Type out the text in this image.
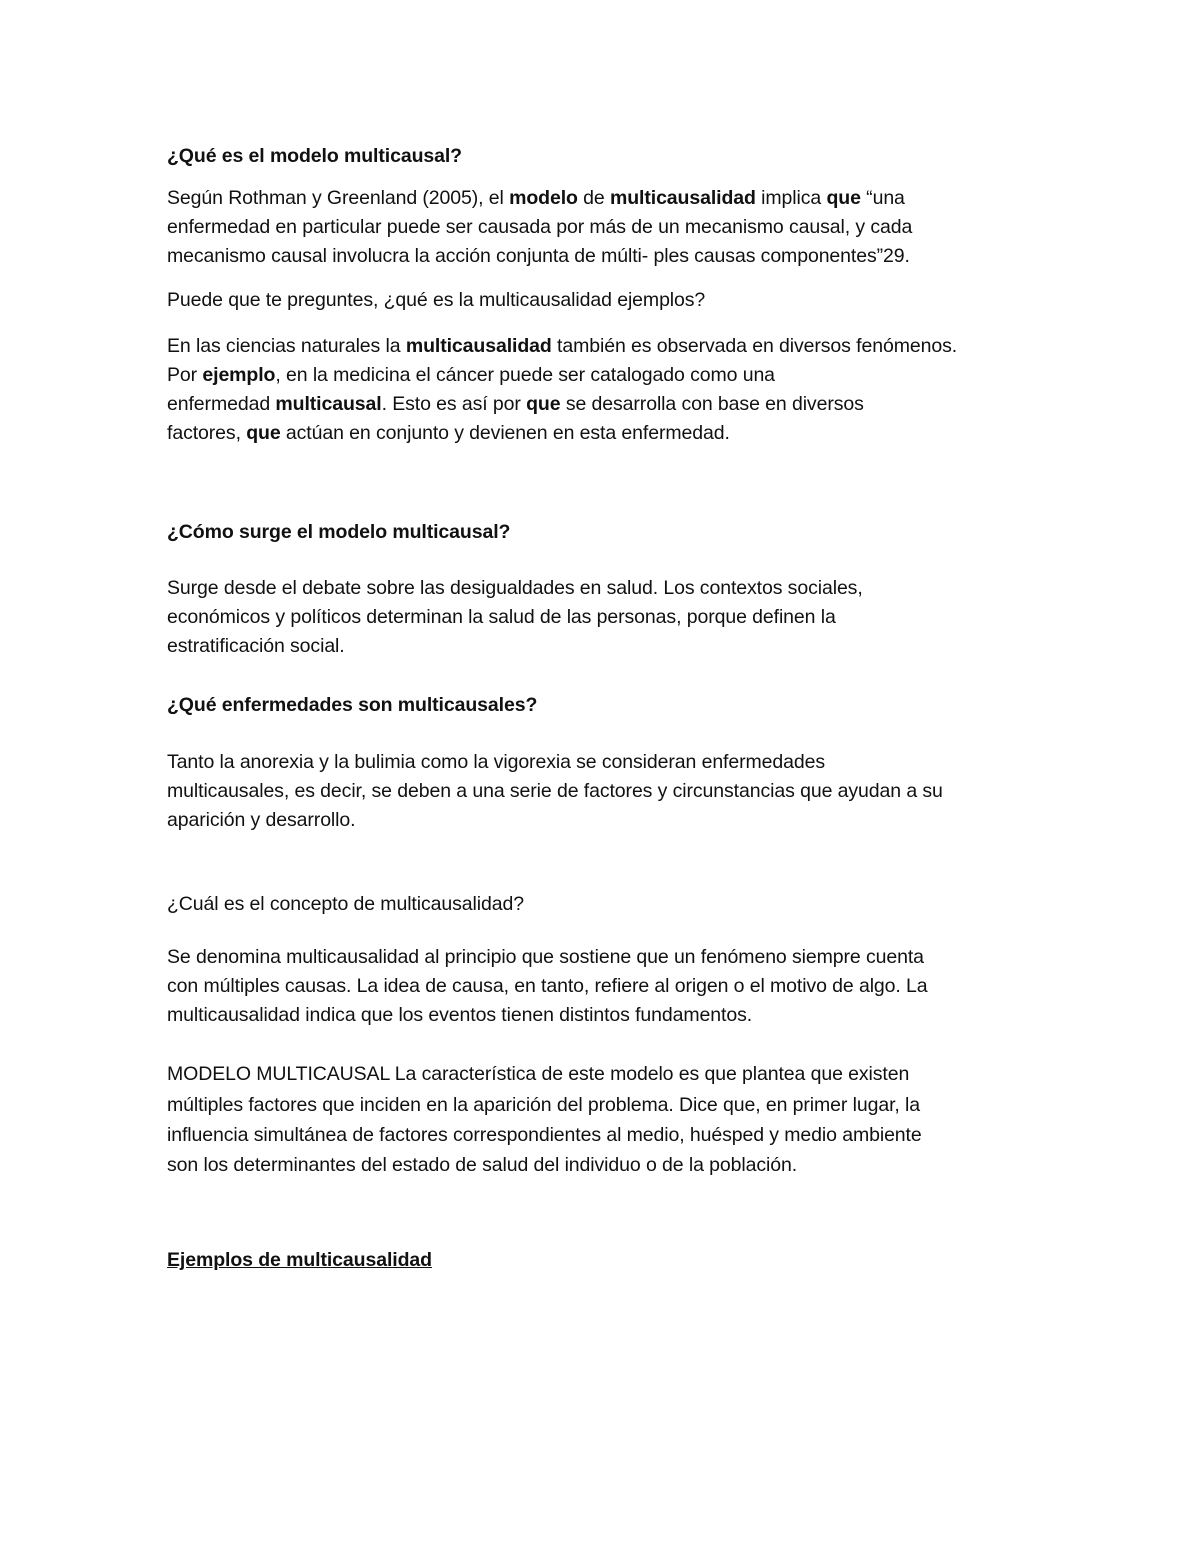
¿Qué es el modelo multicausal?
Según Rothman y Greenland (2005), el modelo de multicausalidad implica que “una
enfermedad en particular puede ser causada por más de un mecanismo causal, y cada
mecanismo causal involucra la acción conjunta de múlti- ples causas componentes”29.
Puede que te preguntes, ¿qué es la multicausalidad ejemplos?
En las ciencias naturales la multicausalidad también es observada en diversos fenómenos.
Por ejemplo, en la medicina el cáncer puede ser catalogado como una
enfermedad multicausal. Esto es así por que se desarrolla con base en diversos
factores, que actúan en conjunto y devienen en esta enfermedad.
¿Cómo surge el modelo multicausal?
Surge desde el debate sobre las desigualdades en salud. Los contextos sociales,
económicos y políticos determinan la salud de las personas, porque definen la
estratificación social.
¿Qué enfermedades son multicausales?
Tanto la anorexia y la bulimia como la vigorexia se consideran enfermedades
multicausales, es decir, se deben a una serie de factores y circunstancias que ayudan a su
aparición y desarrollo.
¿Cuál es el concepto de multicausalidad?
Se denomina multicausalidad al principio que sostiene que un fenómeno siempre cuenta
con múltiples causas. La idea de causa, en tanto, refiere al origen o el motivo de algo. La
multicausalidad indica que los eventos tienen distintos fundamentos.
MODELO MULTICAUSAL La característica de este modelo es que plantea que existen
múltiples factores que inciden en la aparición del problema. Dice que, en primer lugar, la
influencia simultánea de factores correspondientes al medio, huésped y medio ambiente
son los determinantes del estado de salud del individuo o de la población.
Ejemplos de multicausalidad
